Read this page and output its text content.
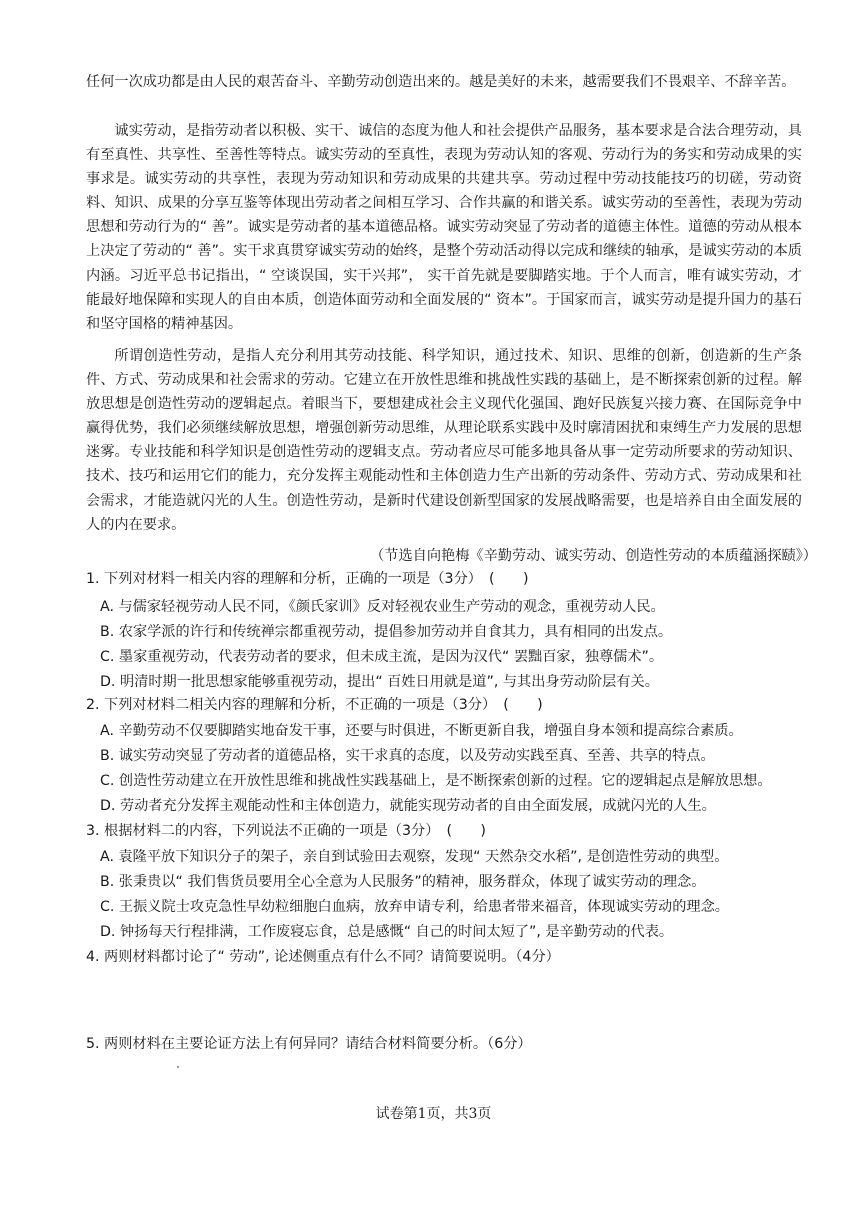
任何一次成功都是由人民的艰苦奋斗、辛勤劳动创造出来的。越是美好的未来，越需要我们不畏艰辛、不辞辛苦。

诚实劳动，是指劳动者以积极、实干、诚信的态度为他人和社会提供产品服务，基本要求是合法合理劳动，具有至真性、共享性、至善性等特点。诚实劳动的至真性，表现为劳动认知的客观、劳动行为的务实和劳动成果的实事求是。诚实劳动的共享性，表现为劳动知识和劳动成果的共建共享。劳动过程中劳动技能技巧的切磋，劳动资料、知识、成果的分享互鉴等体现出劳动者之间相互学习、合作共赢的和谐关系。诚实劳动的至善性，表现为劳动思想和劳动行为的“ 善”。诚实是劳动者的基本道德品格。诚实劳动突显了劳动者的道德主体性。道德的劳动从根本上决定了劳动的“ 善”。实干求真贯穿诚实劳动的始终，是整个劳动活动得以完成和继续的轴承，是诚实劳动的本质内涵。习近平总书记指出，“ 空谈误国，实干兴邦”， 实干首先就是要脚踏实地。于个人而言，唯有诚实劳动，才能最好地保障和实现人的自由本质，创造体面劳动和全面发展的“ 资本”。于国家而言，诚实劳动是提升国力的基石和坚守国格的精神基因。

所谓创造性劳动，是指人充分利用其劳动技能、科学知识，通过技术、知识、思维的创新，创造新的生产条件、方式、劳动成果和社会需求的劳动。它建立在开放性思维和挑战性实践的基础上，是不断探索创新的过程。解放思想是创造性劳动的逻辑起点。着眼当下，要想建成社会主义现代化强国、跑好民族复兴接力赛、在国际竞争中赢得优势，我们必须继续解放思想，增强创新劳动思维，从理论联系实践中及时廓清困扰和束缚生产力发展的思想迷雾。专业技能和科学知识是创造性劳动的逻辑支点。劳动者应尽可能多地具备从事一定劳动所要求的劳动知识、技术、技巧和运用它们的能力，充分发挥主观能动性和主体创造力生产出新的劳动条件、劳动方式、劳动成果和社会需求，才能造就闪光的人生。创造性劳动，是新时代建设创新型国家的发展战略需要，也是培养自由全面发展的人的内在要求。

（节选自向艳梅《辛勤劳动、诚实劳动、创造性劳动的本质蕴涵探赜》）
1. 下列对材料一相关内容的理解和分析，正确的一项是（3分）　(　　)
A. 与儒家轻视劳动人民不同，《颜氏家训》反对轻视农业生产劳动的观念，重视劳动人民。
B. 农家学派的许行和传统禅宗都重视劳动，提倡参加劳动并自食其力，具有相同的出发点。
C. 墨家重视劳动，代表劳动者的要求，但未成主流，是因为汉代“ 罢黜百家，独尊儒术”。
D. 明清时期一批思想家能够重视劳动，提出“ 百姓日用就是道”, 与其出身劳动阶层有关。
2. 下列对材料二相关内容的理解和分析，不正确的一项是（3分）　(　　)
A. 辛勤劳动不仅要脚踏实地奋发干事，还要与时俱进，不断更新自我，增强自身本领和提高综合素质。
B. 诚实劳动突显了劳动者的道德品格，实干求真的态度，以及劳动实践至真、至善、共享的特点。
C. 创造性劳动建立在开放性思维和挑战性实践基础上，是不断探索创新的过程。它的逻辑起点是解放思想。
D. 劳动者充分发挥主观能动性和主体创造力，就能实现劳动者的自由全面发展，成就闪光的人生。
3. 根据材料二的内容，下列说法不正确的一项是（3分）　(　　)
A. 袁隆平放下知识分子的架子，亲自到试验田去观察，发现“ 天然杂交水稻”, 是创造性劳动的典型。
B. 张秉贵以“ 我们售货员要用全心全意为人民服务”的精神，服务群众，体现了诚实劳动的理念。
C. 王振义院士攻克急性早幼粒细胞白血病，放弃申请专利，给患者带来福音，体现诚实劳动的理念。
D. 钟扬每天行程排满，工作废寝忘食，总是感慨“ 自己的时间太短了”, 是辛勤劳动的代表。
4. 两则材料都讨论了“ 劳动”, 论述侧重点有什么不同？请简要说明。（4分）
5. 两则材料在主要论证方法上有何异同？请结合材料简要分析。（6分）
试卷第1页，共3页
